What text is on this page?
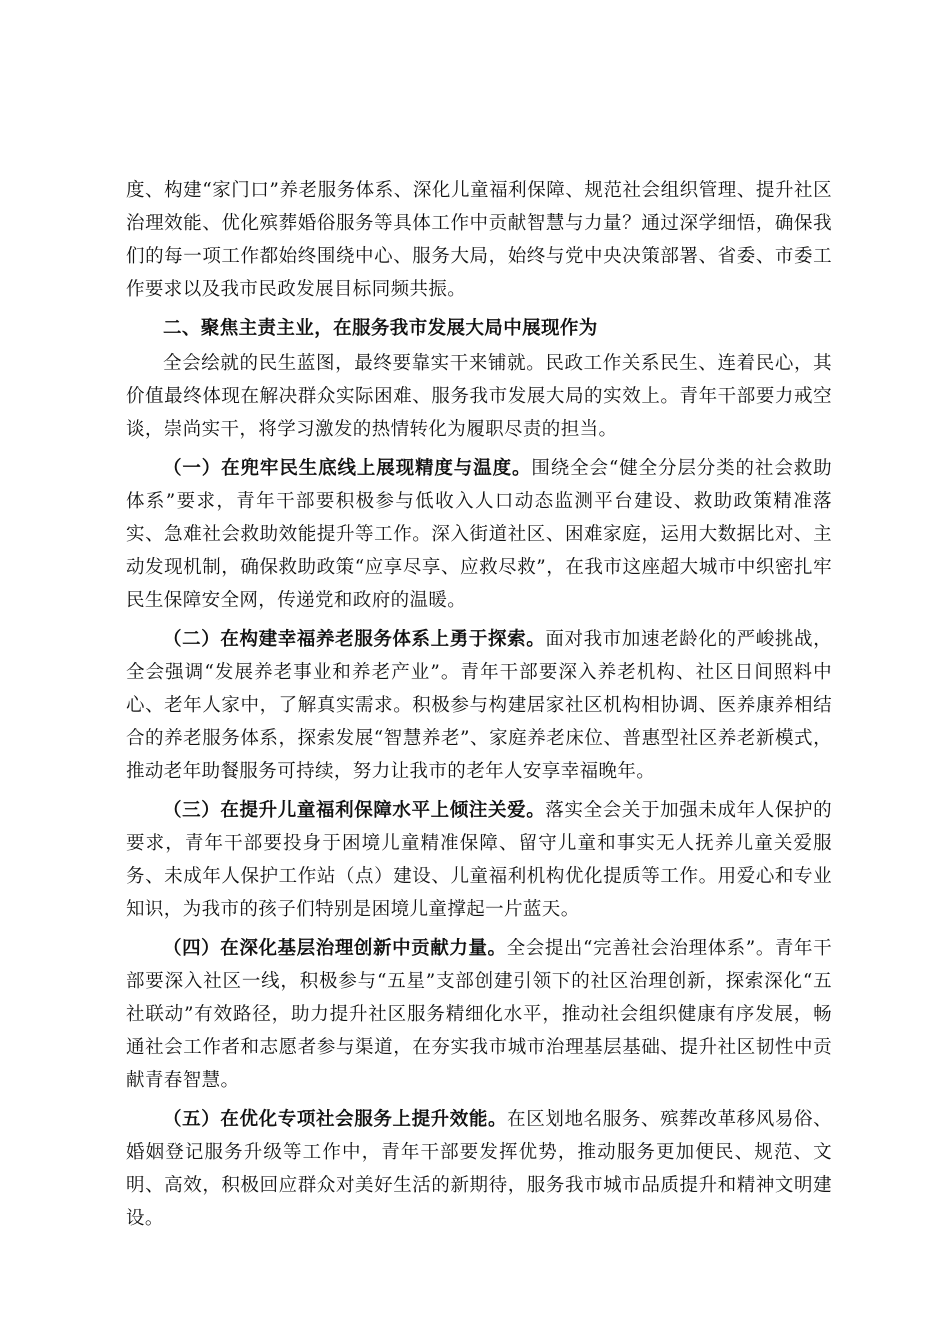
度、构建“家门口”养老服务体系、深化儿童福利保障、规范社会组织管理、提升社区治理效能、优化殡葬婚俗服务等具体工作中贡献智慧与力量？通过深学细悟，确保我们的每一项工作都始终围绕中心、服务大局，始终与党中央决策部署、省委、市委工作要求以及我市民政发展目标同频共振。

二、聚焦主责主业，在服务我市发展大局中展现作为

全会绘就的民生蓝图，最终要靠实干来铺就。民政工作关系民生、连着民心，其价值最终体现在解决群众实际困难、服务我市发展大局的实效上。青年干部要力戒空谈，崇尚实干，将学习激发的热情转化为履职尽责的担当。

（一）在兜牢民生底线上展现精度与温度。围绕全会“健全分层分类的社会救助体系”要求，青年干部要积极参与低收入人口动态监测平台建设、救助政策精准落实、急难社会救助效能提升等工作。深入街道社区、困难家庭，运用大数据比对、主动发现机制，确保救助政策“应享尽享、应救尽救”，在我市这座超大城市中织密扎牢民生保障安全网，传递党和政府的温暖。

（二）在构建幸福养老服务体系上勇于探索。面对我市加速老龄化的严峻挑战，全会强调“发展养老事业和养老产业”。青年干部要深入养老机构、社区日间照料中心、老年人家中，了解真实需求。积极参与构建居家社区机构相协调、医养康养相结合的养老服务体系，探索发展“智慧养老”、家庭养老床位、普惠型社区养老新模式，推动老年助餐服务可持续，努力让我市的老年人安享幸福晚年。

（三）在提升儿童福利保障水平上倾注关爱。落实全会关于加强未成年人保护的要求，青年干部要投身于困境儿童精准保障、留守儿童和事实无人抚养儿童关爱服务、未成年人保护工作站（点）建设、儿童福利机构优化提质等工作。用爱心和专业知识，为我市的孩子们特别是困境儿童撑起一片蓝天。

（四）在深化基层治理创新中贡献力量。全会提出“完善社会治理体系”。青年干部要深入社区一线，积极参与“五星”支部创建引领下的社区治理创新，探索深化“五社联动”有效路径，助力提升社区服务精细化水平，推动社会组织健康有序发展，畅通社会工作者和志愿者参与渠道，在夯实我市城市治理基层基础、提升社区韧性中贡献青春智慧。

（五）在优化专项社会服务上提升效能。在区划地名服务、殡葬改革移风易俗、婚姻登记服务升级等工作中，青年干部要发挥优势，推动服务更加便民、规范、文明、高效，积极回应群众对美好生活的新期待，服务我市城市品质提升和精神文明建设。
